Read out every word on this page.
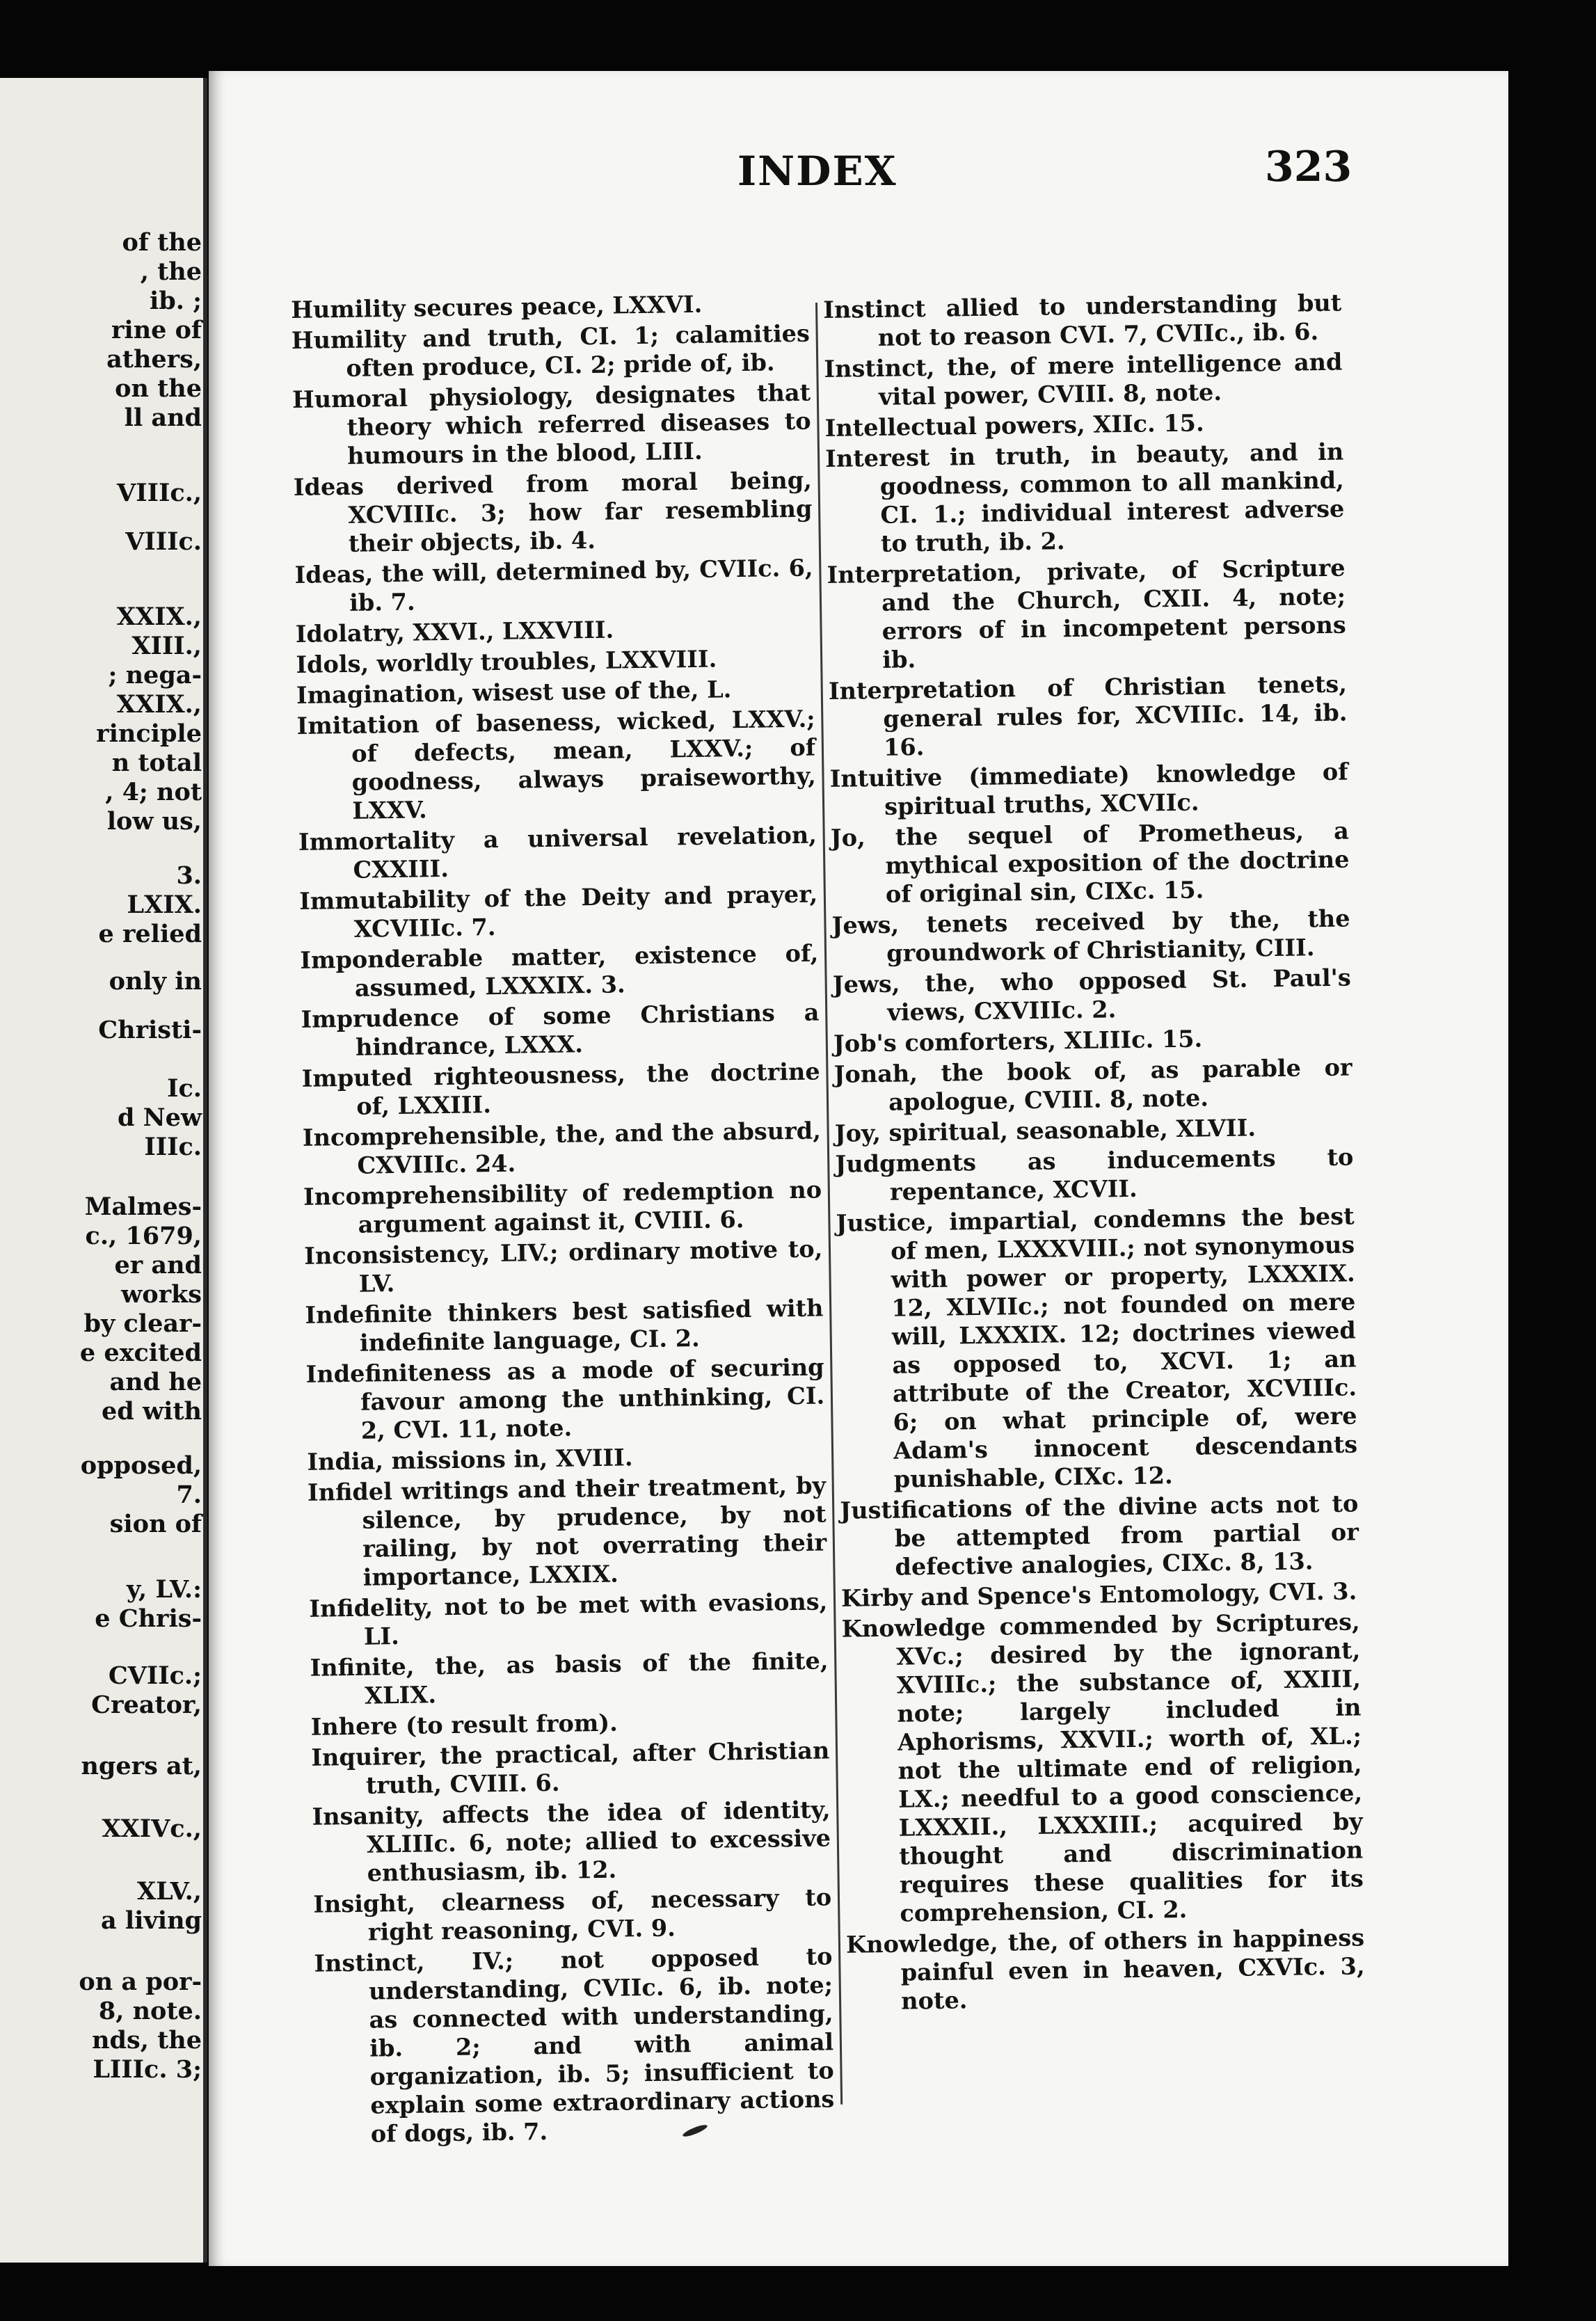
of the
, the
ib. ;
rine of
athers,
on the
ll and
VIIIc.,
VIIIc.
XXIX.,
XIII.,
; nega-
XXIX.,
rinciple
n total
, 4; not
low us,
3.
LXIX.
e relied
only in
Christi-
Ic.
d New
IIIc.
Malmes-
c., 1679,
er and
works
by clear-
e excited
and he
ed with
opposed,
7.
sion of
y, LV.:
e Chris-
CVIIc.;
Creator,
ngers at,
XXIVc.,
XLV.,
a living
on a por-
8, note.
nds, the
LIIIc. 3;
INDEX	323
Humility secures peace, LXXVI.
Humility and truth, CI. 1; calamities often produce, CI. 2; pride of, ib.
Humoral physiology, designates that theory which referred diseases to humours in the blood, LIII.
Ideas derived from moral being, XCVIIIc. 3; how far resembling their objects, ib. 4.
Ideas, the will, determined by, CVIIc. 6, ib. 7.
Idolatry, XXVI., LXXVIII.
Idols, worldly troubles, LXXVIII.
Imagination, wisest use of the, L.
Imitation of baseness, wicked, LXXV.; of defects, mean, LXXV.; of goodness, always praiseworthy, LXXV.
Immortality a universal revelation, CXXIII.
Immutability of the Deity and prayer, XCVIIIc. 7.
Imponderable matter, existence of, assumed, LXXXIX. 3.
Imprudence of some Christians a hindrance, LXXX.
Imputed righteousness, the doctrine of, LXXIII.
Incomprehensible, the, and the absurd, CXVIIIc. 24.
Incomprehensibility of redemption no argument against it, CVIII. 6.
Inconsistency, LIV.; ordinary motive to, LV.
Indefinite thinkers best satisfied with indefinite language, CI. 2.
Indefiniteness as a mode of securing favour among the unthinking, CI. 2, CVI. 11, note.
India, missions in, XVIII.
Infidel writings and their treatment, by silence, by prudence, by not railing, by not overrating their importance, LXXIX.
Infidelity, not to be met with evasions, LI.
Infinite, the, as basis of the finite, XLIX.
Inhere (to result from).
Inquirer, the practical, after Christian truth, CVIII. 6.
Insanity, affects the idea of identity, XLIIIc. 6, note; allied to excessive enthusiasm, ib. 12.
Insight, clearness of, necessary to right reasoning, CVI. 9.
Instinct, IV.; not opposed to understanding, CVIIc. 6, ib. note; as connected with understanding, ib. 2; and with animal organization, ib. 5; insufficient to explain some extraordinary actions of dogs, ib. 7.
Instinct allied to understanding but not to reason CVI. 7, CVIIc., ib. 6.
Instinct, the, of mere intelligence and vital power, CVIII. 8, note.
Intellectual powers, XIIc. 15.
Interest in truth, in beauty, and in goodness, common to all mankind, CI. 1.; individual interest adverse to truth, ib. 2.
Interpretation, private, of Scripture and the Church, CXII. 4, note; errors of in incompetent persons ib.
Interpretation of Christian tenets, general rules for, XCVIIIc. 14, ib. 16.
Intuitive (immediate) knowledge of spiritual truths, XCVIIc.
Jo, the sequel of Prometheus, a mythical exposition of the doctrine of original sin, CIXc. 15.
Jews, tenets received by the, the groundwork of Christianity, CIII.
Jews, the, who opposed St. Paul's views, CXVIIIc. 2.
Job's comforters, XLIIIc. 15.
Jonah, the book of, as parable or apologue, CVIII. 8, note.
Joy, spiritual, seasonable, XLVII.
Judgments as inducements to repentance, XCVII.
Justice, impartial, condemns the best of men, LXXXVIII.; not synonymous with power or property, LXXXIX. 12, XLVIIc.; not founded on mere will, LXXXIX. 12; doctrines viewed as opposed to, XCVI. 1; an attribute of the Creator, XCVIIIc. 6; on what principle of, were Adam's innocent descendants punishable, CIXc. 12.
Justifications of the divine acts not to be attempted from partial or defective analogies, CIXc. 8, 13.
Kirby and Spence's Entomology, CVI. 3.
Knowledge commended by Scriptures, XVc.; desired by the ignorant, XVIIIc.; the substance of, XXIII, note; largely included in Aphorisms, XXVII.; worth of, XL.; not the ultimate end of religion, LX.; needful to a good conscience, LXXXII., LXXXIII.; acquired by thought and discrimination requires these qualities for its comprehension, CI. 2.
Knowledge, the, of others in happiness painful even in heaven, CXVIc. 3, note.
